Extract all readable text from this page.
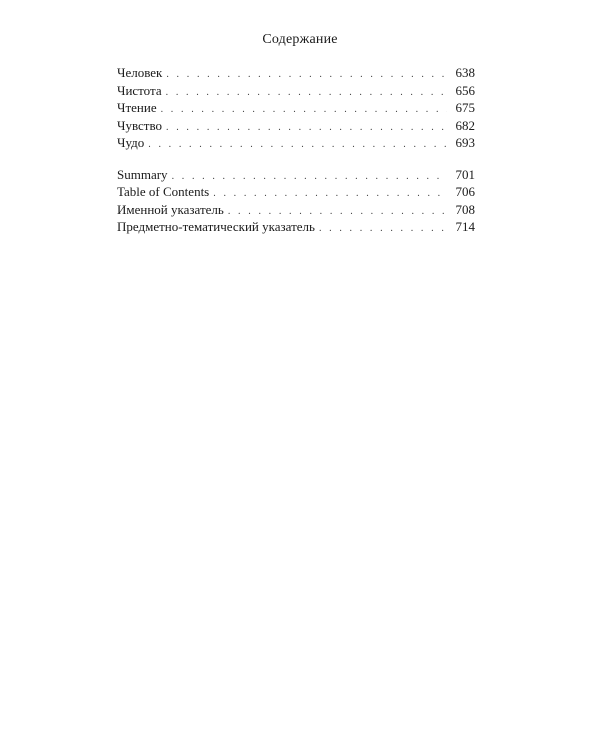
Содержание
Человек . . .	638
Чистота . . .	656
Чтение . . .	675
Чувство . . .	682
Чудо . . .	693
Summary . . .	701
Table of Contents . . .	706
Именной указатель . . .	708
Предметно-тематический указатель . . .	714
